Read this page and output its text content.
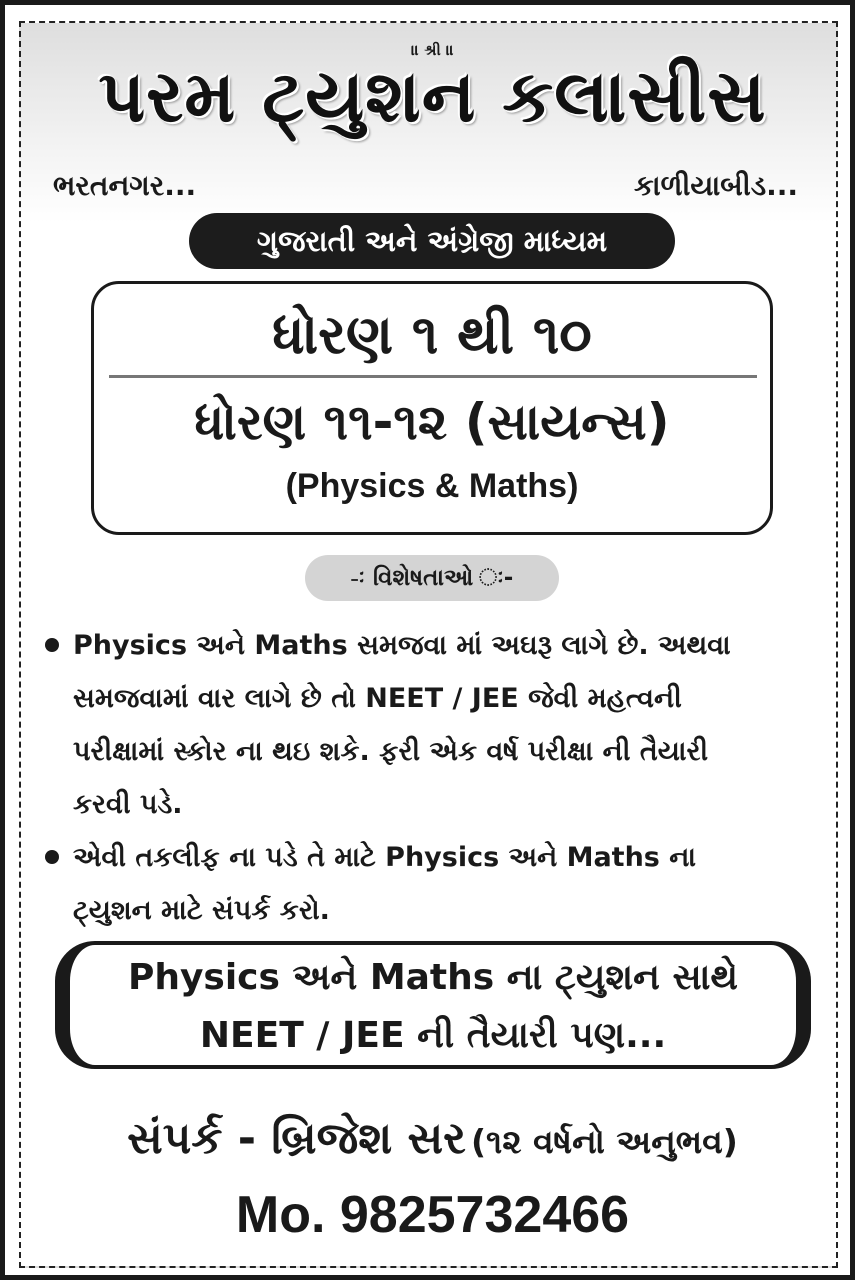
॥ શ્રી ॥
પરમ ટ્યુશન કલાસીસ
ભરતનગર...	કાળીયાબીડ...
ગુજરાતી અને અંગ્રેજી માધ્યમ
ધોરણ ૧ થી ૧૦
ધોરણ ૧૧-૧૨ (સાયન્સ)
(Physics & Maths)
-ઃ વિશેષતાઓ ઃ-
Physics અને Maths સમજવા માં અઘરૂ લાગે છે. અથવા
સમજવામાં વાર લાગે છે તો NEET / JEE જેવી મહત્વની
પરીક્ષામાં સ્કોર ના થઇ શકે. ફરી એક વર્ષ પરીક્ષા ની તૈયારી
કરવી પડે.
એવી તકલીફ ના પડે તે માટે Physics અને Maths ના
ટ્યુશન માટે સંપર્ક કરો.
Physics અને Maths ના ટ્યુશન સાથે
NEET / JEE ની તૈયારી પણ...
સંપર્ક - બ્રિજેશ સર (૧૨ વર્ષનો અનુભવ)
Mo. 9825732466
